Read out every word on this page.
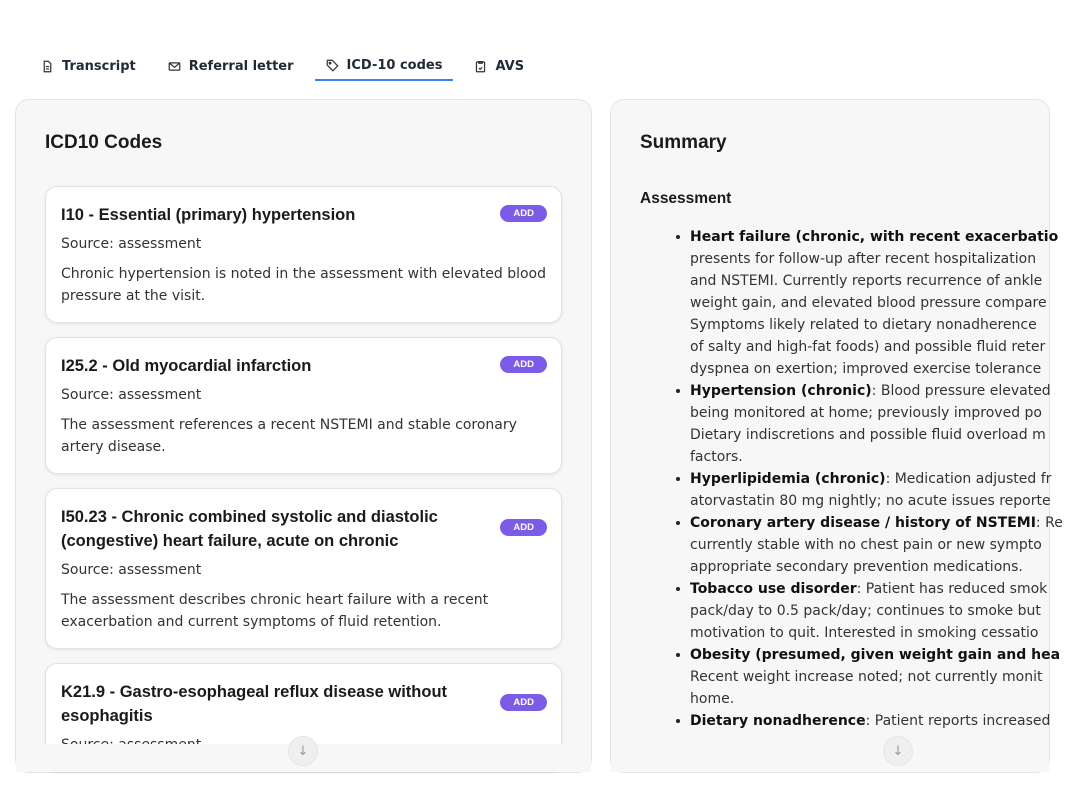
Transcript	Referral letter	ICD-10 codes	AVS
ICD10 Codes
I10 - Essential (primary) hypertension	ADD
Source: assessment
Chronic hypertension is noted in the assessment with elevated blood pressure at the visit.
I25.2 - Old myocardial infarction	ADD
Source: assessment
The assessment references a recent NSTEMI and stable coronary artery disease.
I50.23 - Chronic combined systolic and diastolic (congestive) heart failure, acute on chronic
ADD
Source: assessment
The assessment describes chronic heart failure with a recent exacerbation and current symptoms of fluid retention.
K21.9 - Gastro-esophageal reflux disease without esophagitis
ADD
↓
Summary
Assessment
Heart failure (chronic, with recent exacerbatio
presents for follow-up after recent hospitalization
and NSTEMI. Currently reports recurrence of ankle
weight gain, and elevated blood pressure compare
Symptoms likely related to dietary nonadherence
of salty and high-fat foods) and possible fluid reter
dyspnea on exertion; improved exercise tolerance
Hypertension (chronic): Blood pressure elevated
being monitored at home; previously improved po
Dietary indiscretions and possible fluid overload m
factors.
Hyperlipidemia (chronic): Medication adjusted fr
atorvastatin 80 mg nightly; no acute issues reporte
Coronary artery disease / history of NSTEMI: Re
currently stable with no chest pain or new sympto
appropriate secondary prevention medications.
Tobacco use disorder: Patient has reduced smok
pack/day to 0.5 pack/day; continues to smoke but
motivation to quit. Interested in smoking cessatio
Obesity (presumed, given weight gain and hea
Recent weight increase noted; not currently monit
home.
Dietary nonadherence: Patient reports increased
↓
